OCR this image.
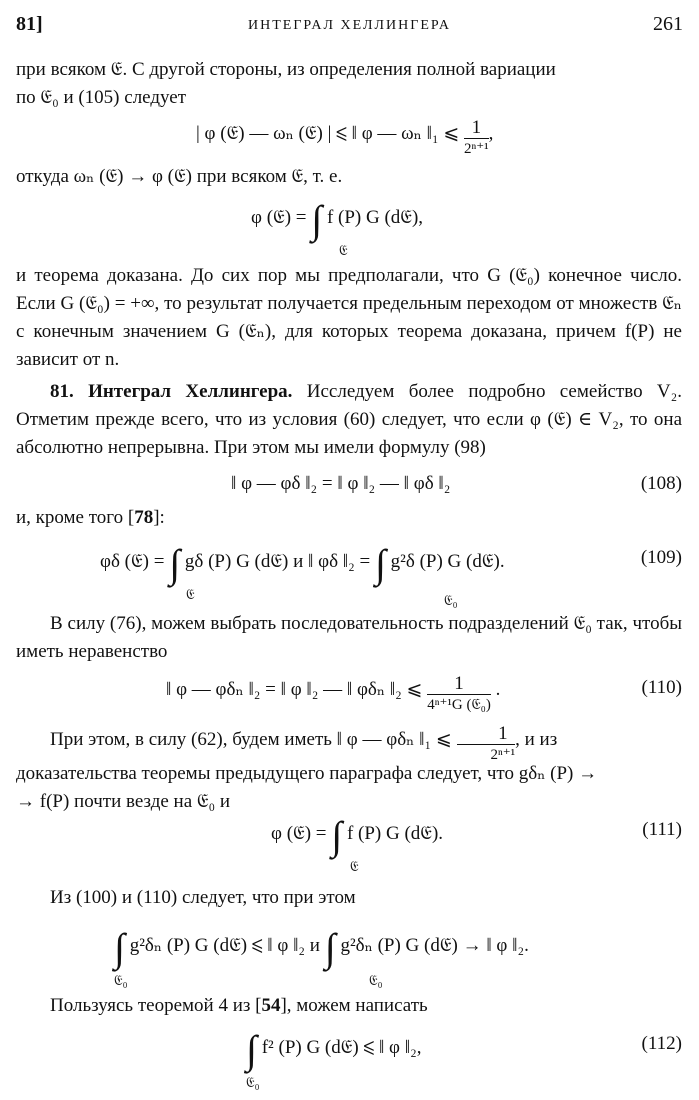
81]	ИНТЕГРАЛ ХЕЛЛИНГЕРА	261
при всяком 𝔈. С другой стороны, из определения полной вариации
по 𝔈₀ и (105) следует
| φ (𝔈) — ωₙ (𝔈) | ⩽ ‖ φ — ωₙ ‖₁ ⩽ $\frac{1}{\text{2ⁿ⁺¹}}$ ,
откуда ωₙ (𝔈) → φ (𝔈) при всяком 𝔈, т. е.
φ (𝔈) = ∫ f (P) G (d𝔈),
𝔈
и теорема доказана. До сих пор мы предполагали, что G (𝔈₀) конечное число. Если G (𝔈₀) = +∞, то результат получается предельным переходом от множеств 𝔈ₙ с конечным значением G (𝔈ₙ), для которых теорема доказана, причем f(P) не зависит от n.
81. Интеграл Хеллингера. Исследуем более подробно семейство V₂. Отметим прежде всего, что из условия (60) следует, что если φ (𝔈) ∈ V₂, то она абсолютно непрерывна. При этом мы имели формулу (98)
‖ φ — φδ ‖₂ = ‖ φ ‖₂ — ‖ φδ ‖₂	(108)
и, кроме того [78]:
φδ (𝔈) = ∫ gδ (P) G (d𝔈) и ‖ φδ ‖₂ = ∫ g²δ (P) G (d𝔈).
𝔈	𝔈₀
(109)
В силу (76), можем выбрать последовательность подразделений 𝔈₀ так, чтобы иметь неравенство
‖ φ — φδₙ ‖₂ = ‖ φ ‖₂ — ‖ φδₙ ‖₂ ⩽ $\frac{1}{\text{4ⁿ⁺¹G (𝔈₀)}}$ .	(110)
При этом, в силу (62), будем иметь ‖ φ — φδₙ ‖₁ ⩽ $\frac{1}{\text{2ⁿ⁺¹}}$ , и из
доказательства теоремы предыдущего параграфа следует, что gδₙ (P) →
→ f(P) почти везде на 𝔈₀ и
φ (𝔈) = ∫ f (P) G (d𝔈).
𝔈
(111)
Из (100) и (110) следует, что при этом
∫ g²δₙ (P) G (d𝔈) ⩽ ‖ φ ‖₂ и ∫ g²δₙ (P) G (d𝔈) → ‖ φ ‖₂.
𝔈₀	𝔈₀
Пользуясь теоремой 4 из [54], можем написать
∫ f² (P) G (d𝔈) ⩽ ‖ φ ‖₂,
𝔈₀
(112)
